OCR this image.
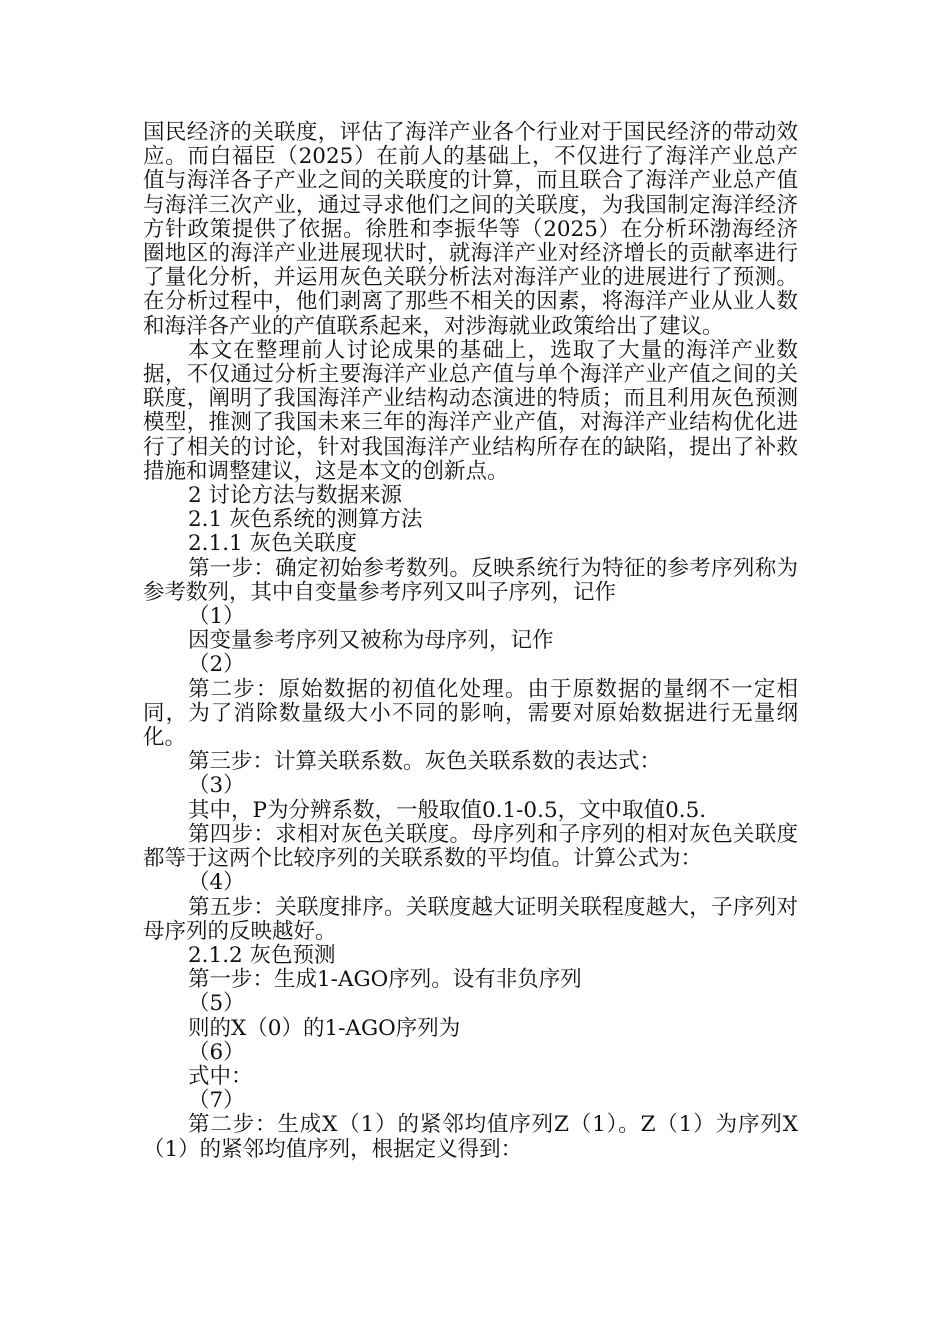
国民经济的关联度，评估了海洋产业各个行业对于国民经济的带动效应。而白福臣（2025）在前人的基础上，不仅进行了海洋产业总产值与海洋各子产业之间的关联度的计算，而且联合了海洋产业总产值与海洋三次产业，通过寻求他们之间的关联度，为我国制定海洋经济方针政策提供了依据。徐胜和李振华等（2025）在分析环渤海经济圈地区的海洋产业进展现状时，就海洋产业对经济增长的贡献率进行了量化分析，并运用灰色关联分析法对海洋产业的进展进行了预测。在分析过程中，他们剥离了那些不相关的因素，将海洋产业从业人数和海洋各产业的产值联系起来，对涉海就业政策给出了建议。

本文在整理前人讨论成果的基础上，选取了大量的海洋产业数据，不仅通过分析主要海洋产业总产值与单个海洋产业产值之间的关联度，阐明了我国海洋产业结构动态演进的特质；而且利用灰色预测模型，推测了我国未来三年的海洋产业产值，对海洋产业结构优化进行了相关的讨论，针对我国海洋产业结构所存在的缺陷，提出了补救措施和调整建议，这是本文的创新点。

2 讨论方法与数据来源

2.1 灰色系统的测算方法

2.1.1 灰色关联度

第一步：确定初始参考数列。反映系统行为特征的参考序列称为参考数列，其中自变量参考序列又叫子序列，记作

（1）

因变量参考序列又被称为母序列，记作

（2）

第二步：原始数据的初值化处理。由于原数据的量纲不一定相同，为了消除数量级大小不同的影响，需要对原始数据进行无量纲化。

第三步：计算关联系数。灰色关联系数的表达式：

（3）

其中，P为分辨系数，一般取值0.1-0.5，文中取值0.5.

第四步：求相对灰色关联度。母序列和子序列的相对灰色关联度都等于这两个比较序列的关联系数的平均值。计算公式为：

（4）

第五步：关联度排序。关联度越大证明关联程度越大，子序列对母序列的反映越好。

2.1.2 灰色预测

第一步：生成1-AGO序列。设有非负序列

（5）

则的X（0）的1-AGO序列为

（6）

式中：

（7）

第二步：生成X（1）的紧邻均值序列Z（1）。Z（1）为序列X（1）的紧邻均值序列，根据定义得到：
